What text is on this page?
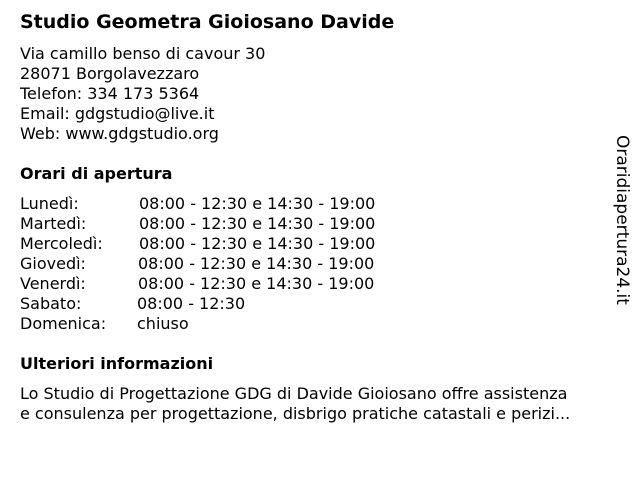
Studio Geometra Gioiosano Davide
Via camillo benso di cavour 30
28071 Borgolavezzaro
Telefon: 334 173 5364
Email: gdgstudio@live.it
Web: www.gdgstudio.org
Orari di apertura
Lunedì:	08:00 - 12:30 e 14:30 - 19:00
Martedì:	08:00 - 12:30 e 14:30 - 19:00
Mercoledì: 08:00 - 12:30 e 14:30 - 19:00
Giovedì:	08:00 - 12:30 e 14:30 - 19:00
Venerdì:	08:00 - 12:30 e 14:30 - 19:00
Sabato:	08:00 - 12:30
Domenica: chiuso
Ulteriori informazioni
Lo Studio di Progettazione GDG di Davide Gioiosano offre assistenza
e consulenza per progettazione, disbrigo pratiche catastali e perizi...
Oraridiapertura24.it
